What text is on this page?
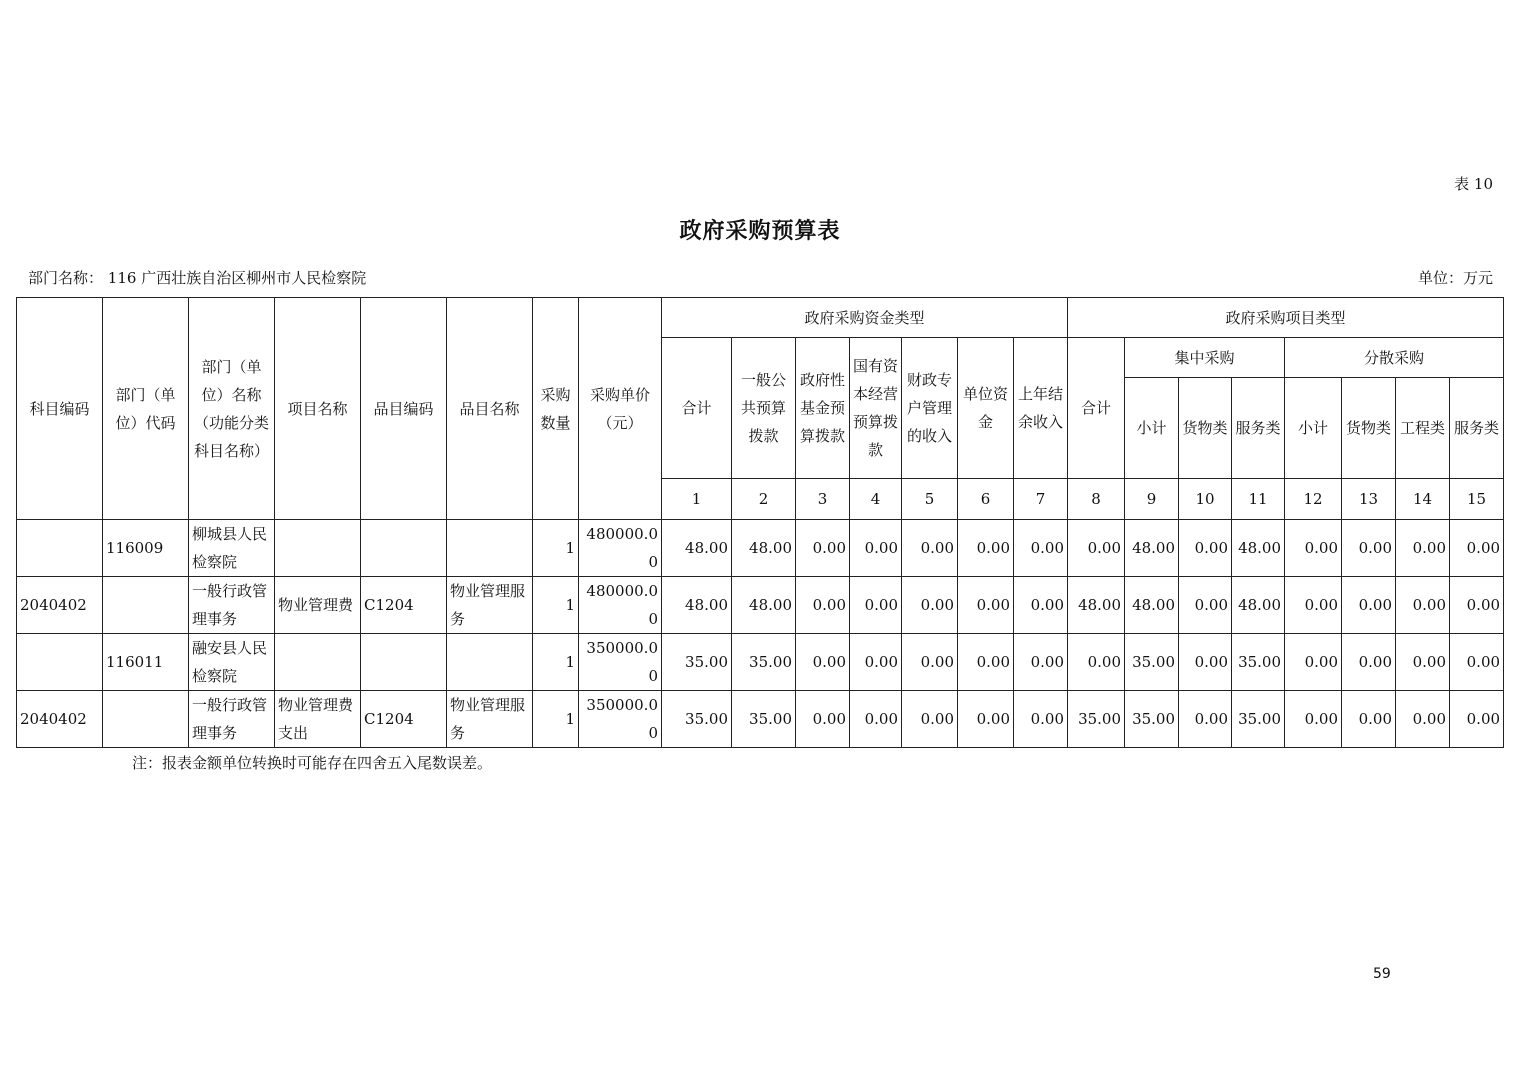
表 10
政府采购预算表
部门名称： 116 广西壮族自治区柳州市人民检察院	单位：万元
科目编码	部门（单位）代码	部门（单位）名称（功能分类科目名称）	项目名称	品目编码	品目名称	采购数量	采购单价（元）	政府采购资金类型							政府采购项目类型							
								合计	一般公共预算拨款	政府性基金预算拨款	国有资本经营预算拨款	财政专户管理的收入	单位资金	上年结余收入	合计	集中采购			分散采购			
																小计	货物类	服务类	小计	货物类	工程类	服务类
								1	2	3	4	5	6	7	8	9	10	11	12	13	14	15
	116009	柳城县人民检察院				1	480000.00	48.00	48.00	0.00	0.00	0.00	0.00	0.00	0.00	48.00	0.00	48.00	0.00	0.00	0.00	0.00
2040402		一般行政管理事务	物业管理费	C1204	物业管理服务	1	480000.00	48.00	48.00	0.00	0.00	0.00	0.00	0.00	48.00	48.00	0.00	48.00	0.00	0.00	0.00	0.00
	116011	融安县人民检察院				1	350000.00	35.00	35.00	0.00	0.00	0.00	0.00	0.00	0.00	35.00	0.00	35.00	0.00	0.00	0.00	0.00
2040402		一般行政管理事务	物业管理费支出	C1204	物业管理服务	1	350000.00	35.00	35.00	0.00	0.00	0.00	0.00	0.00	35.00	35.00	0.00	35.00	0.00	0.00	0.00	0.00
注：报表金额单位转换时可能存在四舍五入尾数误差。
59
